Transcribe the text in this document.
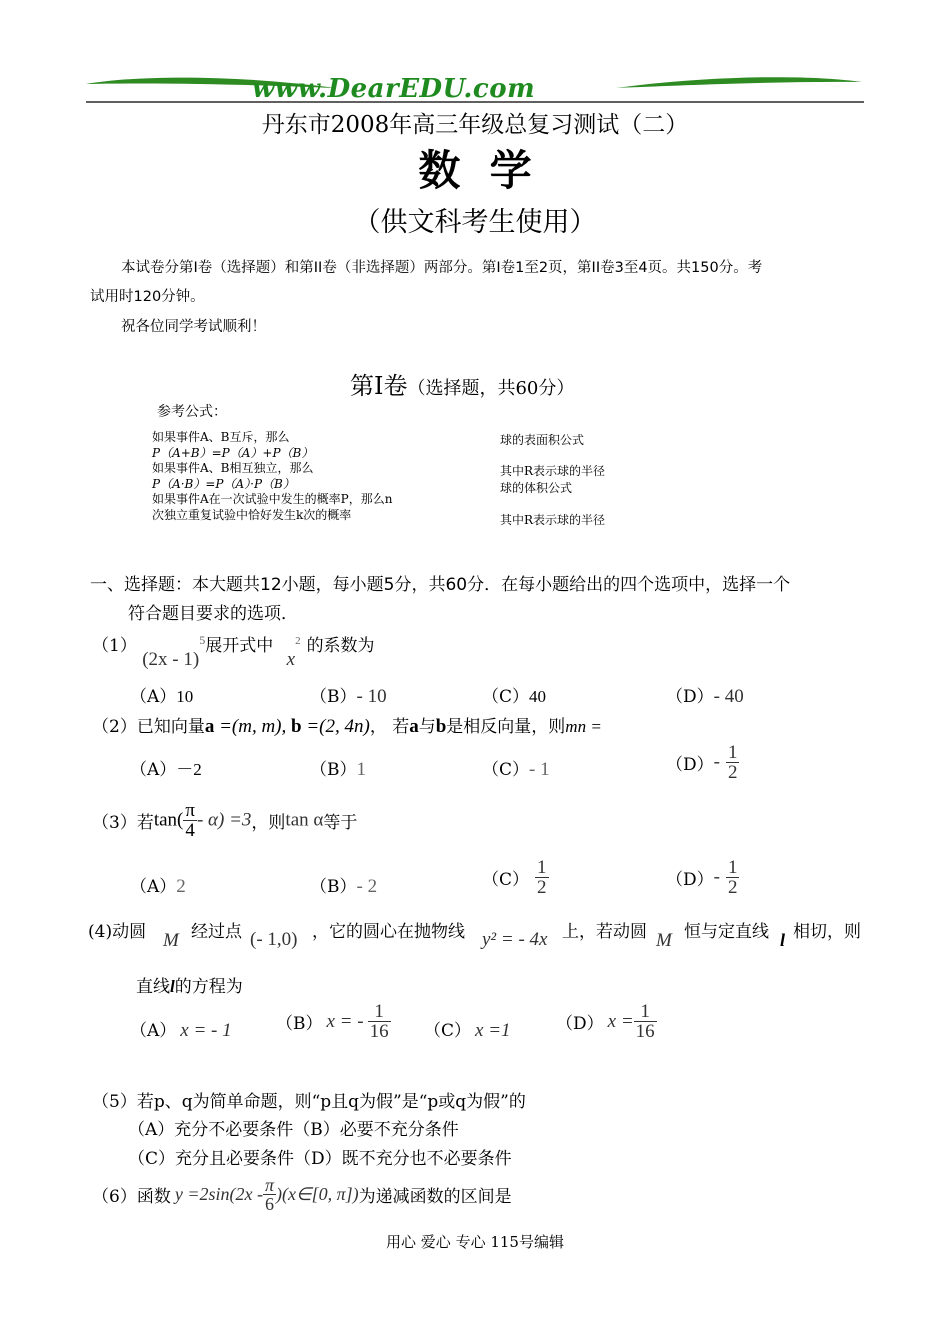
www.DearEDU.com
丹东市2008年高三年级总复习测试（二）
数  学
（供文科考生使用）
本试卷分第I卷（选择题）和第II卷（非选择题）两部分。第I卷1至2页，第II卷3至4页。共150分。考
试用时120分钟。
祝各位同学考试顺利！
第I卷（选择题，共60分）
参考公式：
如果事件A、B互斥，那么
P（A+B）=P（A）+P（B）
如果事件A、B相互独立，那么
P（A·B）=P（A）·P（B）
如果事件A在一次试验中发生的概率P，那么n
次独立重复试验中恰好发生k次的概率
球的表面积公式
其中R表示球的半径
球的体积公式
其中R表示球的半径
一、选择题：本大题共12小题，每小题5分，共60分．在每小题给出的四个选项中，选择一个
符合题目要求的选项．
（1） (2x - 1)$^5$展开式中 $x^2$ 的系数为
（A）10	（B）- 10	（C）40	（D）- 40
（2）已知向量a =(m, m), b =(2, 4n)， 若a与b是相反向量，则mn =
（A）－2	（B）1	（C）- 1	$(D)- \frac{1}{2}$
（3）若$\tan( \frac{\pi}{4} - \alpha) =3$，则tan α等于
（A）2	（B）- 2	$(C) \frac{1}{2}$	$(D)- \frac{1}{2}$
(4)动圆 M 经过点 (- 1,0) ，它的圆心在抛物线 y² = - 4x 上，若动圆 M 恒与定直线 l 相切，则
直线l的方程为
（A） x = - 1	（B） x = - $\frac{1}{16} (C)$ x =1	（D） $x = \frac{1}{16}$
（5）若p、q为简单命题，则“p且q为假”是“p或q为假”的
（A）充分不必要条件（B）必要不充分条件
（C）充分且必要条件（D）既不充分也不必要条件
（6）函数 $y =2\sin(2x - \frac{\pi}{6}$ )(x∈[0, π])为递减函数的区间是
用心 爱心 专心 115号编辑
